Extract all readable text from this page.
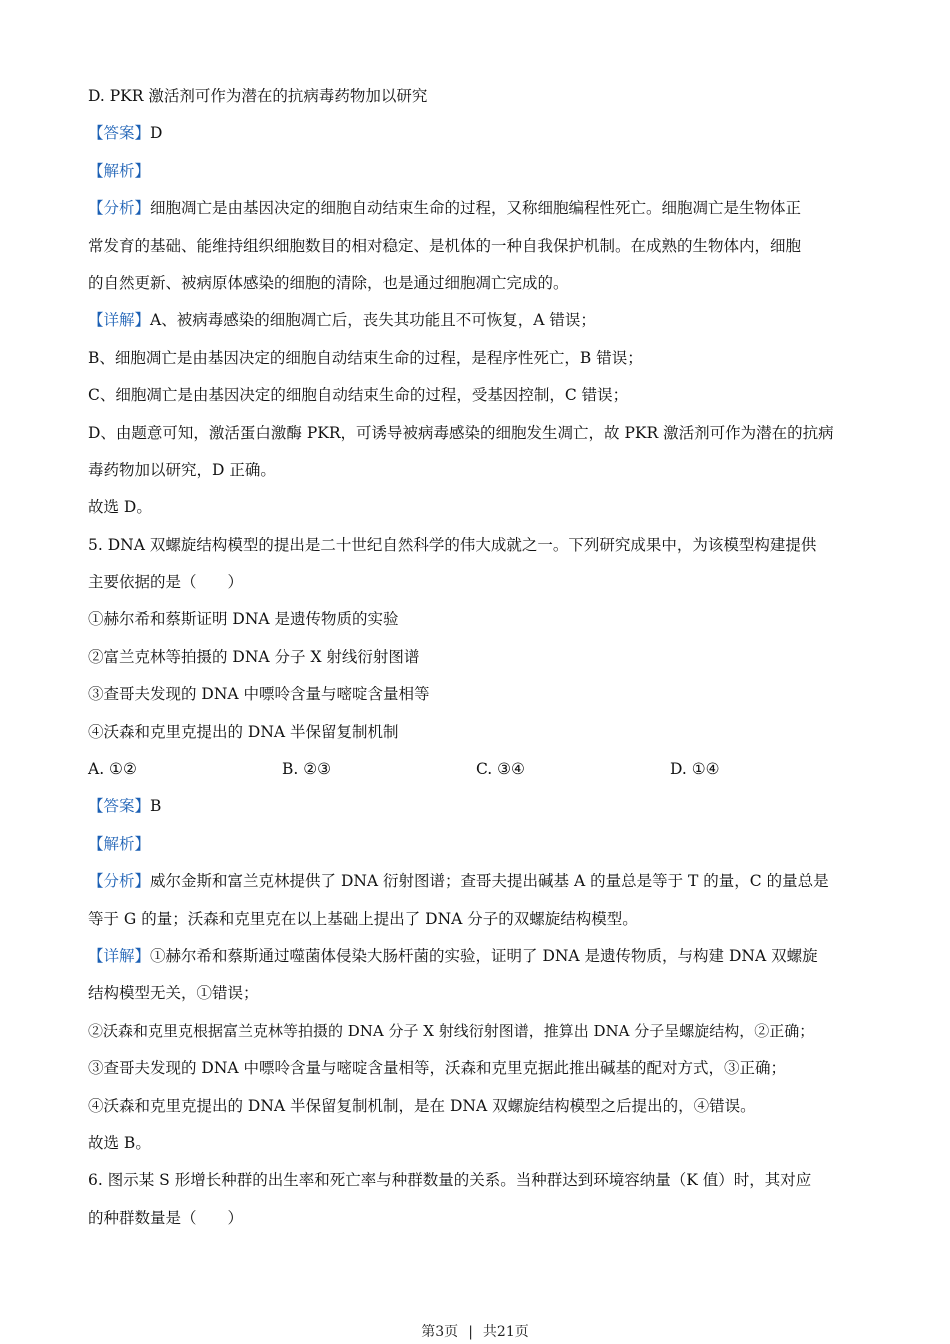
D. PKR 激活剂可作为潜在的抗病毒药物加以研究
【答案】D
【解析】
【分析】细胞凋亡是由基因决定的细胞自动结束生命的过程，又称细胞编程性死亡。细胞凋亡是生物体正
常发育的基础、能维持组织细胞数目的相对稳定、是机体的一种自我保护机制。在成熟的生物体内，细胞
的自然更新、被病原体感染的细胞的清除，也是通过细胞凋亡完成的。
【详解】A、被病毒感染的细胞凋亡后，丧失其功能且不可恢复，A 错误；
B、细胞凋亡是由基因决定的细胞自动结束生命的过程，是程序性死亡，B 错误；
C、细胞凋亡是由基因决定的细胞自动结束生命的过程，受基因控制，C 错误；
D、由题意可知，激活蛋白激酶 PKR，可诱导被病毒感染的细胞发生凋亡，故 PKR 激活剂可作为潜在的抗病
毒药物加以研究，D 正确。
故选 D。
5. DNA 双螺旋结构模型的提出是二十世纪自然科学的伟大成就之一。下列研究成果中，为该模型构建提供
主要依据的是（　　）
①赫尔希和蔡斯证明 DNA 是遗传物质的实验
②富兰克林等拍摄的 DNA 分子 X 射线衍射图谱
③查哥夫发现的 DNA 中嘌呤含量与嘧啶含量相等
④沃森和克里克提出的 DNA 半保留复制机制
A. ①②	B. ②③	C. ③④	D. ①④
【答案】B
【解析】
【分析】威尔金斯和富兰克林提供了 DNA 衍射图谱；查哥夫提出碱基 A 的量总是等于 T 的量，C 的量总是
等于 G 的量；沃森和克里克在以上基础上提出了 DNA 分子的双螺旋结构模型。
【详解】①赫尔希和蔡斯通过噬菌体侵染大肠杆菌的实验，证明了 DNA 是遗传物质，与构建 DNA 双螺旋
结构模型无关，①错误；
②沃森和克里克根据富兰克林等拍摄的 DNA 分子 X 射线衍射图谱，推算出 DNA 分子呈螺旋结构，②正确；
③查哥夫发现的 DNA 中嘌呤含量与嘧啶含量相等，沃森和克里克据此推出碱基的配对方式，③正确；
④沃森和克里克提出的 DNA 半保留复制机制，是在 DNA 双螺旋结构模型之后提出的，④错误。
故选 B。
6. 图示某 S 形增长种群的出生率和死亡率与种群数量的关系。当种群达到环境容纳量（K 值）时，其对应
的种群数量是（　　）
第3页 | 共21页
